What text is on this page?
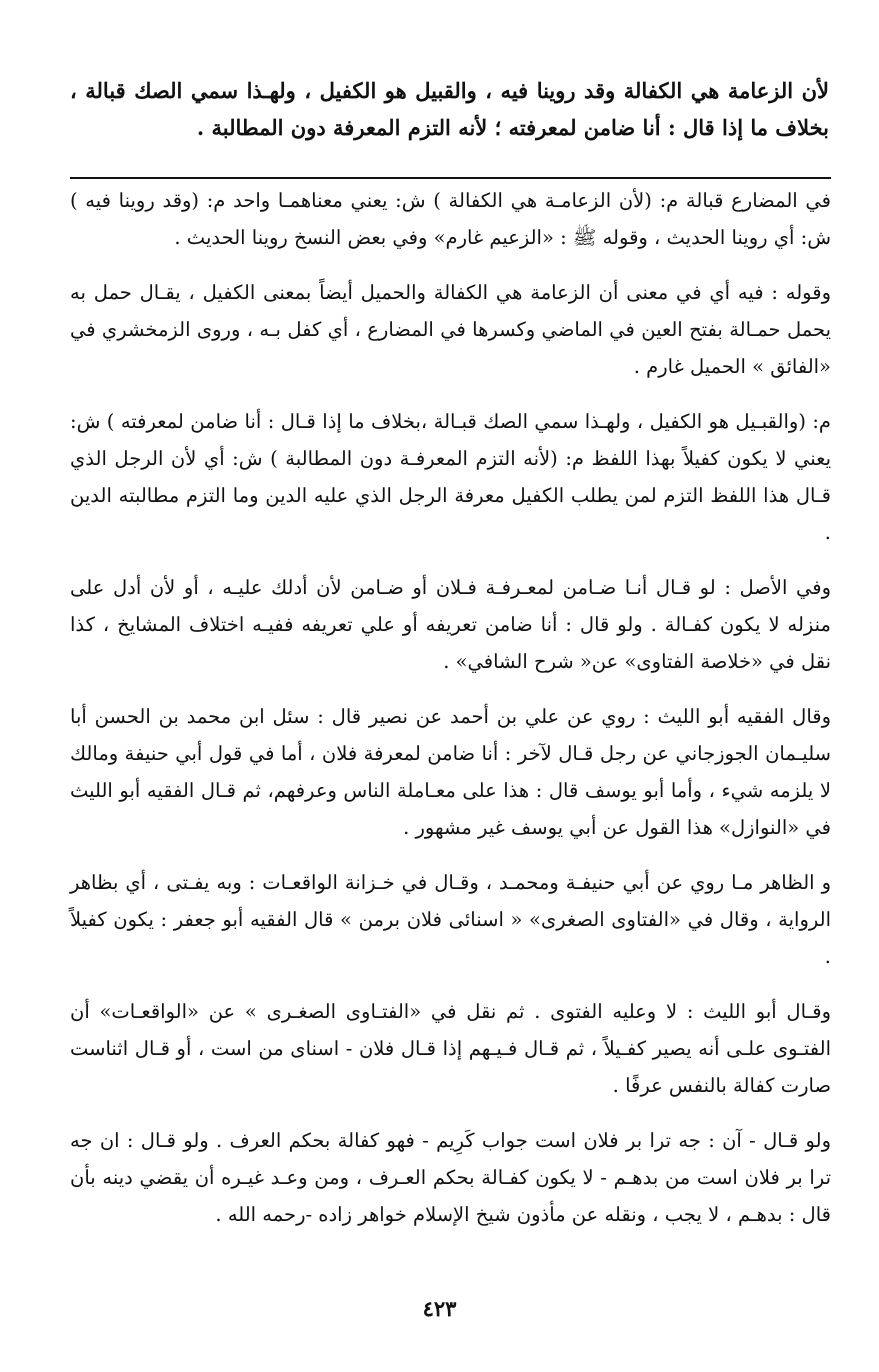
لأن الزعامة هي الكفالة وقد روينا فيه ، والقبيل هو الكفيل ، ولهـذا سمي الصك قبالة ، بخلاف ما إذا قال : أنا ضامن لمعرفته ؛ لأنه التزم المعرفة دون المطالبة .

في المضارع قبالة م: (لأن الزعامـة هي الكفالة ) ش: يعني معناهمـا واحد م: (وقد روينا فيه ) ش: أي روينا الحديث ، وقوله ﷺ : «الزعيم غارم» وفي بعض النسخ روينا الحديث .

وقوله : فيه أي في معنى أن الزعامة هي الكفالة والحميل أيضاً بمعنى الكفيل ، يقـال حمل به يحمل حمـالة بفتح العين في الماضي وكسرها في المضارع ، أي كفل بـه ، وروى الزمخشري في «الفائق » الحميل غارم .

م: (والقبـيل هو الكفيل ، ولهـذا سمي الصك قبـالة ،بخلاف ما إذا قـال : أنا ضامن لمعرفته ) ش: يعني لا يكون كفيلاً بهذا اللفظ م: (لأنه التزم المعرفـة دون المطالبة ) ش: أي لأن الرجل الذي قـال هذا اللفظ التزم لمن يطلب الكفيل معرفة الرجل الذي عليه الدين وما التزم مطالبته الدين .

وفي الأصل : لو قـال أنـا ضـامن لمعـرفـة فـلان أو ضـامن لأن أدلك عليـه ، أو لأن أدل على منزله لا يكون كفـالة . ولو قال : أنا ضامن تعريفه أو علي تعريفه ففيـه اختلاف المشايخ ، كذا نقل في «خلاصة الفتاوى» عن« شرح الشافي» .

وقال الفقيه أبو الليث : روي عن علي بن أحمد عن نصير قال : سئل ابن محمد بن الحسن أبا سليـمان الجوزجاني عن رجل قـال لآخر : أنا ضامن لمعرفة فلان ، أما في قول أبي حنيفة ومالك لا يلزمه شيء ، وأما أبو يوسف قال : هذا على معـاملة الناس وعرفهم، ثم قـال الفقيه أبو الليث في «النوازل» هذا القول عن أبي يوسف غير مشهور .

و الظاهر مـا روي عن أبي حنيفـة ومحمـد ، وقـال في خـزانة الواقعـات : وبه يفـتى ، أي بظاهر الرواية ، وقال في «الفتاوى الصغرى» « اسنائى فلان برمن » قال الفقيه أبو جعفر : يكون كفيلاً .

وقـال أبو الليث : لا وعليه الفتوى . ثم نقل في «الفتـاوى الصغـرى » عن «الواقعـات» أن الفتـوى علـى أنه يصير كفـيلاً ، ثم قـال فـيـهم إذا قـال فلان - اسنای من است ، أو قـال اثناست صارت كفالة بالنفس عرفًا .

ولو قـال - آن : جه ترا بر فلان است جواب كَرِيم - فهو كفالة بحكم العرف . ولو قـال : ان جه ترا بر فلان است من بدهـم - لا يكون كفـالة بحكم العـرف ، ومن وعـد غيـره أن يقضي دينه بأن قال : بدهـم ، لا يجب ، ونقله عن مأذون شيخ الإسلام خواهر زاده -رحمه الله .

٤٢٣
